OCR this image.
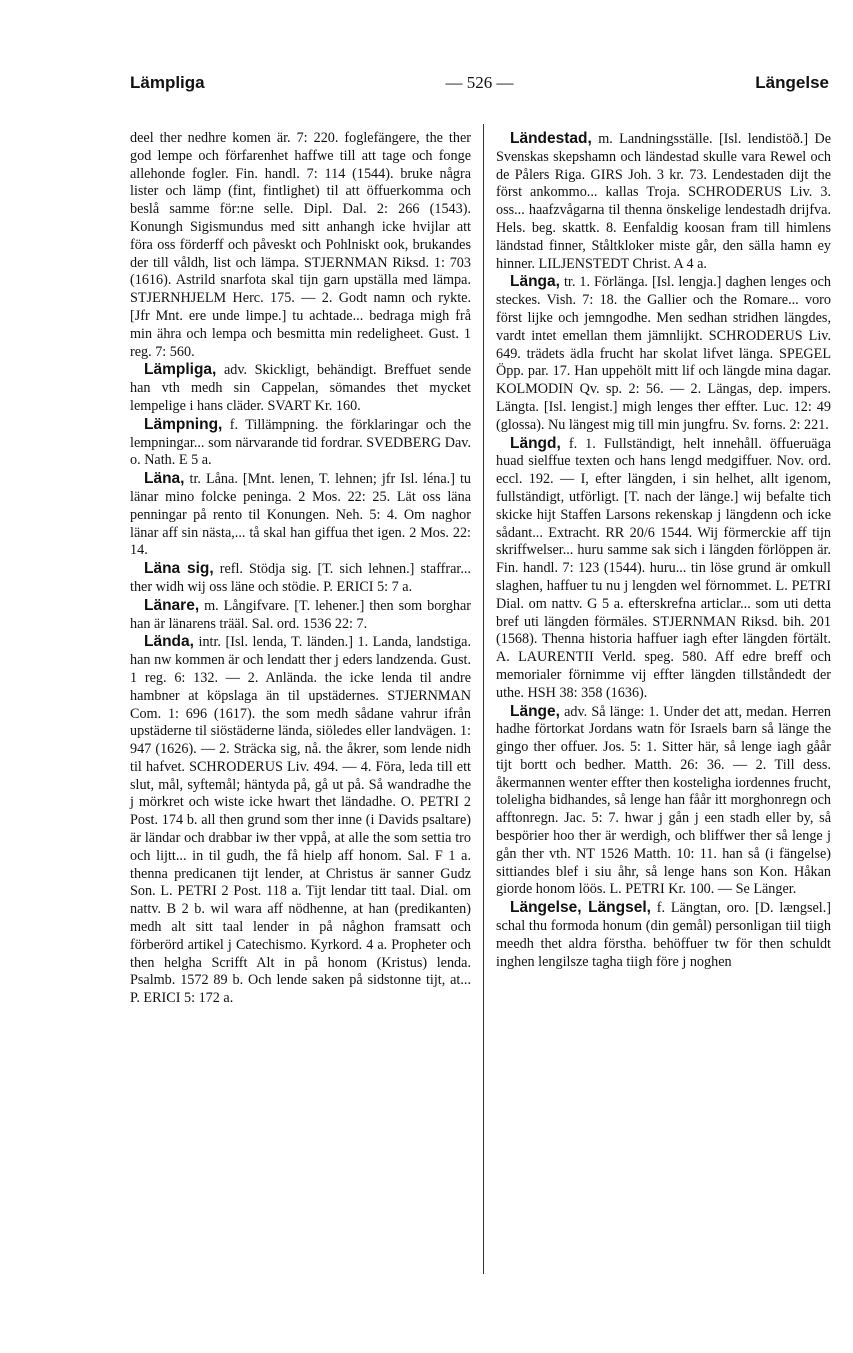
Lämpliga	— 526 —	Längelse

deel ther nedhre komen är. 7: 220. foglefängere, the ther god lempe och förfarenhet haffwe till att tage och fonge allehonde fogler. Fin. handl. 7: 114 (1544). bruke några lister och lämp (fint, fintlighet) til att öffuerkomma och beslå samme för:ne selle. Dipl. Dal. 2: 266 (1543). Konungh Sigismundus med sitt anhangh icke hvijlar att föra oss förderff och påveskt och Pohlniskt ook, brukandes der till våldh, list och lämpa. STJERNMAN Riksd. 1: 703 (1616). Astrild snarfota skal tijn garn upställa med lämpa. STJERNHJELM Herc. 175. — 2. Godt namn och rykte. [Jfr Mnt. ere unde limpe.] tu achtade... bedraga migh frå min ähra och lempa och besmitta min redeligheet. Gust. 1 reg. 7: 560.

Lämpliga, adv. Skickligt, behändigt. Breffuet sende han vth medh sin Cappelan, sömandes thet mycket lempelige i hans cläder. SVART Kr. 160.

Lämpning, f. Tillämpning. the förklaringar och the lempningar... som närvarande tid fordrar. SVEDBERG Dav. o. Nath. E 5 a.

Läna, tr. Låna. [Mnt. lenen, T. lehnen; jfr Isl. léna.] tu länar mino folcke peninga. 2 Mos. 22: 25. Lät oss läna penningar på rento til Konungen. Neh. 5: 4. Om naghor länar aff sin nästa,... tå skal han giffua thet igen. 2 Mos. 22: 14.

Läna sig, refl. Stödja sig. [T. sich lehnen.] staffrar... ther widh wij oss läne och stödie. P. ERICI 5: 7 a.

Länare, m. Långifvare. [T. lehener.] then som borghar han är länarens trääl. Sal. ord. 1536 22: 7.

Lända, intr. [Isl. lenda, T. länden.] 1. Landa, landstiga. han nw kommen är och lendatt ther j eders landzenda. Gust. 1 reg. 6: 132. — 2. Anlända. the icke lenda til andre hambner at köpslaga än til upstädernes. STJERNMAN Com. 1: 696 (1617). the som medh sådane vahrur ifrån upstäderne til siöstäderne lända, siöledes eller landvägen. 1: 947 (1626). — 2. Sträcka sig, nå. the åkrer, som lende nidh til hafvet. SCHRODERUS Liv. 494. — 4. Föra, leda till ett slut, mål, syftemål; häntyda på, gå ut på. Så wandradhe the j mörkret och wiste icke hwart thet ländadhe. O. PETRI 2 Post. 174 b. all then grund som ther inne (i Davids psaltare) är ländar och drabbar iw ther vppå, at alle the som settia tro och lijtt... in til gudh, the få hielp aff honom. Sal. F 1 a. thenna predicanen tijt lender, at Christus är sanner Gudz Son. L. PETRI 2 Post. 118 a. Tijt lendar titt taal. Dial. om nattv. B 2 b. wil wara aff nödhenne, at han (predikanten) medh alt sitt taal lender in på någhon framsatt och förberörd artikel j Catechismo. Kyrkord. 4 a. Propheter och then helgha Scrifft Alt in på honom (Kristus) lenda. Psalmb. 1572 89 b. Och lende saken på sidstonne tijt, at... P. ERICI 5: 172 a.

Ländestad, m. Landningsställe. [Isl. lendistöð.] De Svenskas skepshamn och ländestad skulle vara Rewel och de Pålers Riga. GIRS Joh. 3 kr. 73. Lendestaden dijt the först ankommo... kallas Troja. SCHRODERUS Liv. 3. oss... haafzvågarna til thenna önskelige lendestadh drijfva. Hels. beg. skattk. 8. Eenfaldig koosan fram till himlens ländstad finner, Ståltkloker miste går, den sälla hamn ey hinner. LILJENSTEDT Christ. A 4 a.

Länga, tr. 1. Förlänga. [Isl. lengja.] daghen lenges och steckes. Vish. 7: 18. the Gallier och the Romare... voro först lijke och jemngodhe. Men sedhan stridhen längdes, vardt intet emellan them jämnlijkt. SCHRODERUS Liv. 649. trädets ädla frucht har skolat lifvet länga. SPEGEL Öpp. par. 17. Han uppehölt mitt lif och längde mina dagar. KOLMODIN Qv. sp. 2: 56. — 2. Längas, dep. impers. Längta. [Isl. lengist.] migh lenges ther effter. Luc. 12: 49 (glossa). Nu längest mig till min jungfru. Sv. forns. 2: 221.

Längd, f. 1. Fullständigt, helt innehåll. öffueruäga huad sielffue texten och hans lengd medgiffuer. Nov. ord. eccl. 192. — I, efter längden, i sin helhet, allt igenom, fullständigt, utförligt. [T. nach der länge.] wij befalte tich skicke hijt Staffen Larsons rekenskap j längdenn och icke sådant... Extracht. RR 20/6 1544. Wij förmerckie aff tijn skriffwelser... huru samme sak sich i längden förlöppen är. Fin. handl. 7: 123 (1544). huru... tin löse grund är omkull slaghen, haffuer tu nu j lengden wel förnommet. L. PETRI Dial. om nattv. G 5 a. efterskrefna articlar... som uti detta bref uti längden förmäles. STJERNMAN Riksd. bih. 201 (1568). Thenna historia haffuer iagh efter längden förtält. A. LAURENTII Verld. speg. 580. Aff edre breff och memorialer förnimme vij effter längden tillståndedt der uthe. HSH 38: 358 (1636).

Länge, adv. Så länge: 1. Under det att, medan. Herren hadhe förtorkat Jordans watn för Israels barn så länge the gingo ther offuer. Jos. 5: 1. Sitter här, så lenge iagh gåår tijt bortt och bedher. Matth. 26: 36. — 2. Till dess. åkermannen wenter effter then kosteligha iordennes frucht, toleligha bidhandes, så lenge han fåår itt morghonregn och afftonregn. Jac. 5: 7. hwar j gån j een stadh eller by, så bespörier hoo ther är werdigh, och bliffwer ther så lenge j gån ther vth. NT 1526 Matth. 10: 11. han så (i fängelse) sittiandes blef i siu åhr, så lenge hans son Kon. Håkan giorde honom löös. L. PETRI Kr. 100. — Se Länger.

Längelse, Längsel, f. Längtan, oro. [D. længsel.] schal thu formoda honum (din gemål) personligan tiil tiigh meedh thet aldra förstha. behöffuer tw för then schuldt inghen lengilsze tagha tiigh före j noghen
